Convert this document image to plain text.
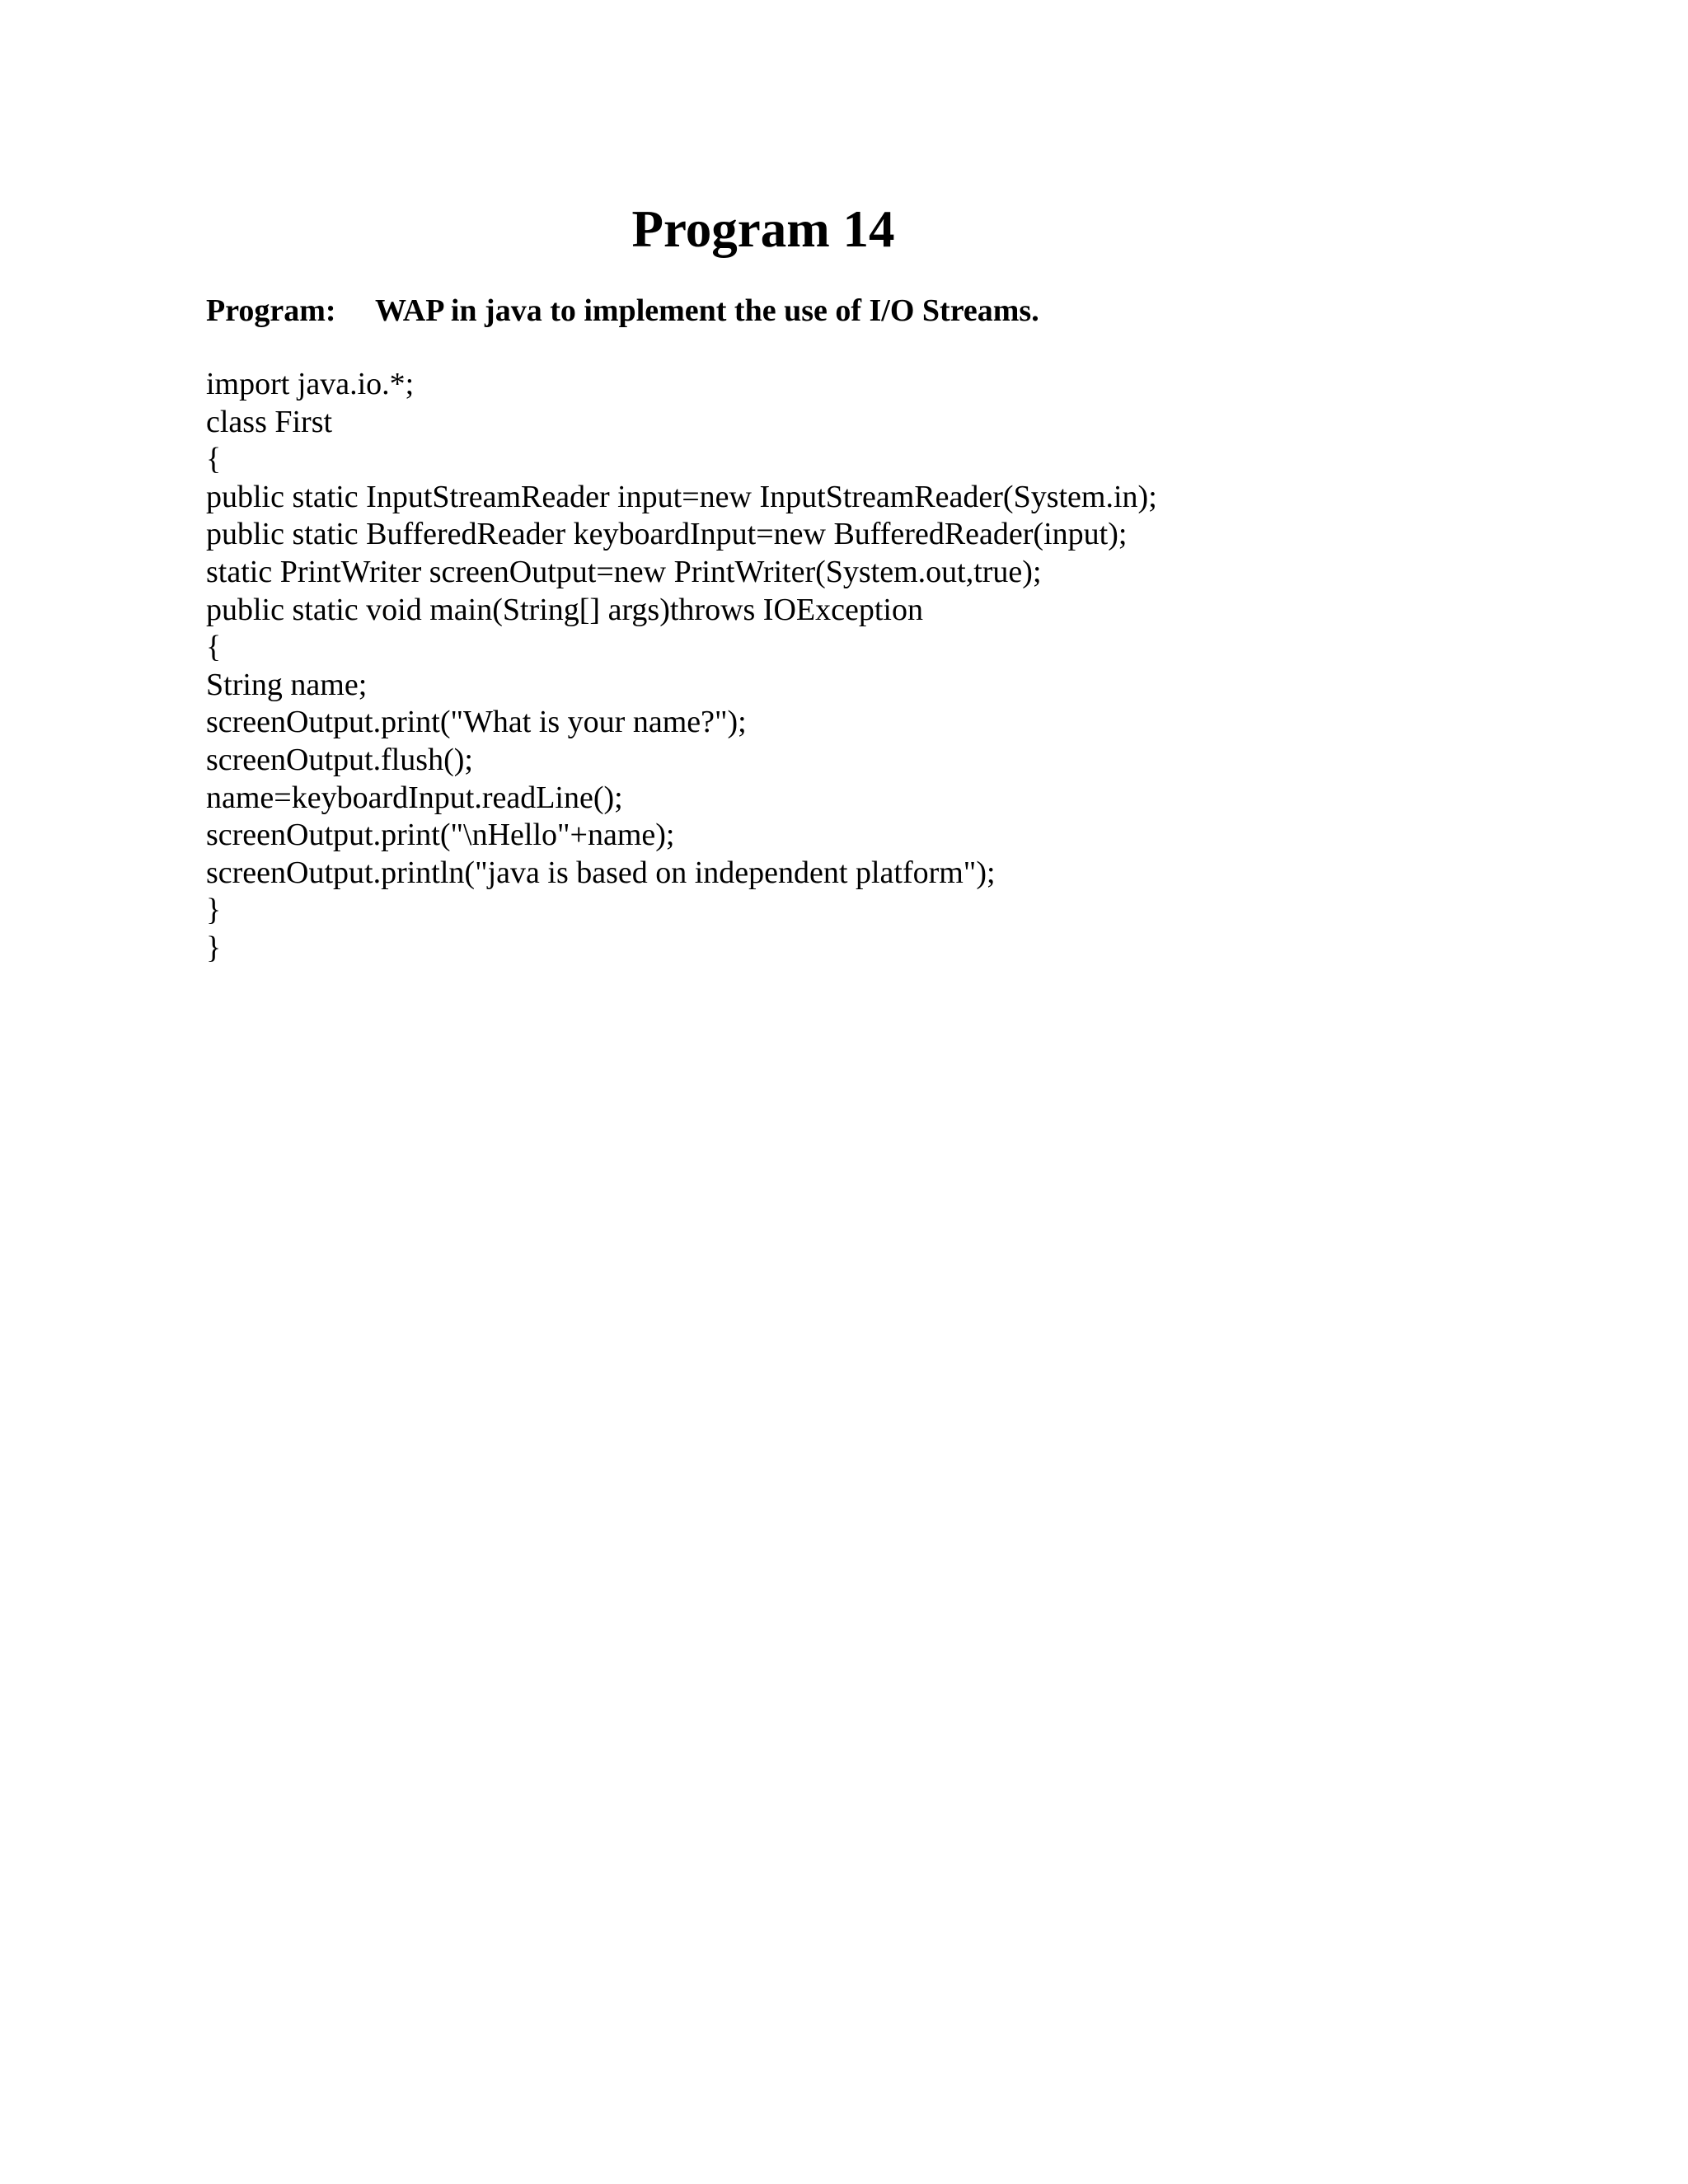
Program 14
Program: WAP in java to implement the use of I/O Streams.
import java.io.*;
class First
{
public static InputStreamReader input=new InputStreamReader(System.in);
public static BufferedReader keyboardInput=new BufferedReader(input);
static PrintWriter screenOutput=new PrintWriter(System.out,true);
public static void main(String[] args)throws IOException
{
String name;
screenOutput.print("What is your name?");
screenOutput.flush();
name=keyboardInput.readLine();
screenOutput.print("\nHello"+name);
screenOutput.println("java is based on independent platform");
}
}
